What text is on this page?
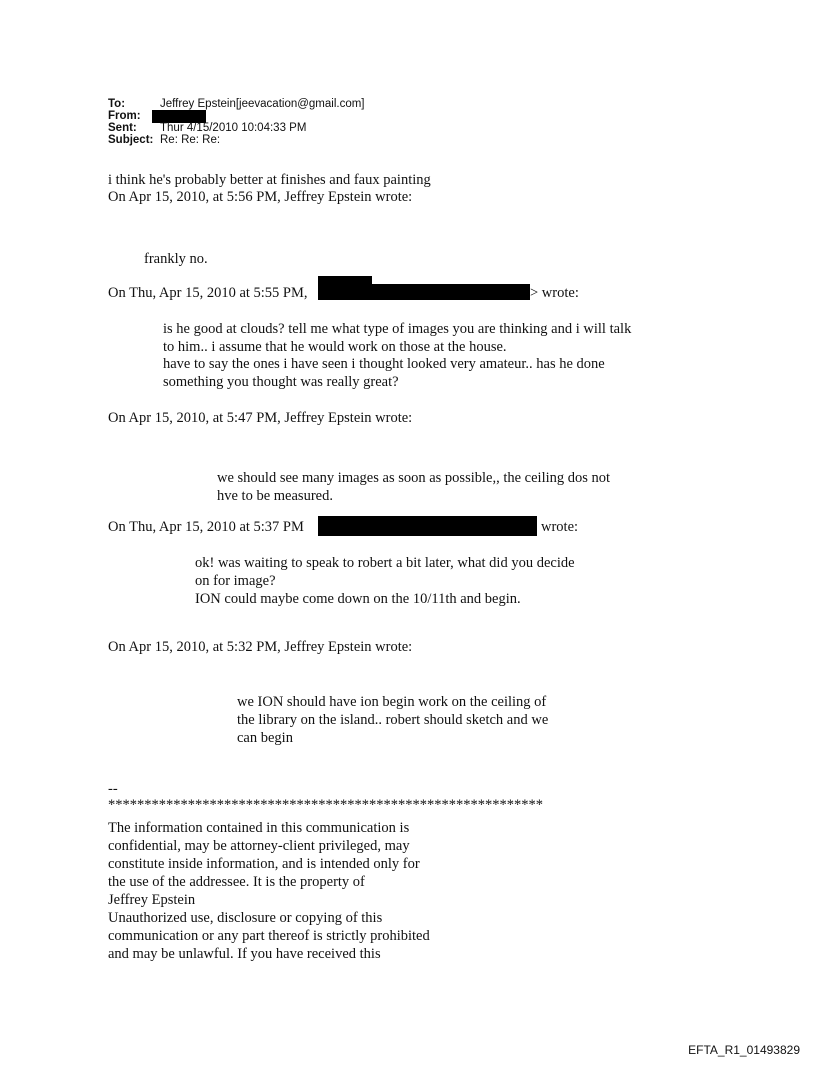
To:	Jeffrey Epstein[jeevacation@gmail.com]
From:
Sent: Thur 4/15/2010 10:04:33 PM
Subject: Re: Re: Re:
i think he's probably better at finishes and faux painting
On Apr 15, 2010, at 5:56 PM, Jeffrey Epstein wrote:
frankly no.
On Thu, Apr 15, 2010 at 5:55 PM,	> wrote:
is he good at clouds? tell me what type of images you are thinking and i will talk
to him.. i assume that he would work on those at the house.
have to say the ones i have seen i thought looked very amateur.. has he done
something you thought was really great?
On Apr 15, 2010, at 5:47 PM, Jeffrey Epstein wrote:
we should see many images as soon as possible,, the ceiling dos not
hve to be measured.
On Thu, Apr 15, 2010 at 5:37 PM	wrote:
ok! was waiting to speak to robert a bit later, what did you decide
on for image?
ION could maybe come down on the 10/11th and begin.
On Apr 15, 2010, at 5:32 PM, Jeffrey Epstein wrote:
we ION should have ion begin work on the ceiling of
the library on the island.. robert should sketch and we
can begin
--
************************************************************
The information contained in this communication is
confidential, may be attorney-client privileged, may
constitute inside information, and is intended only for
the use of the addressee. It is the property of
Jeffrey Epstein
Unauthorized use, disclosure or copying of this
communication or any part thereof is strictly prohibited
and may be unlawful. If you have received this
EFTA_R1_01493829
